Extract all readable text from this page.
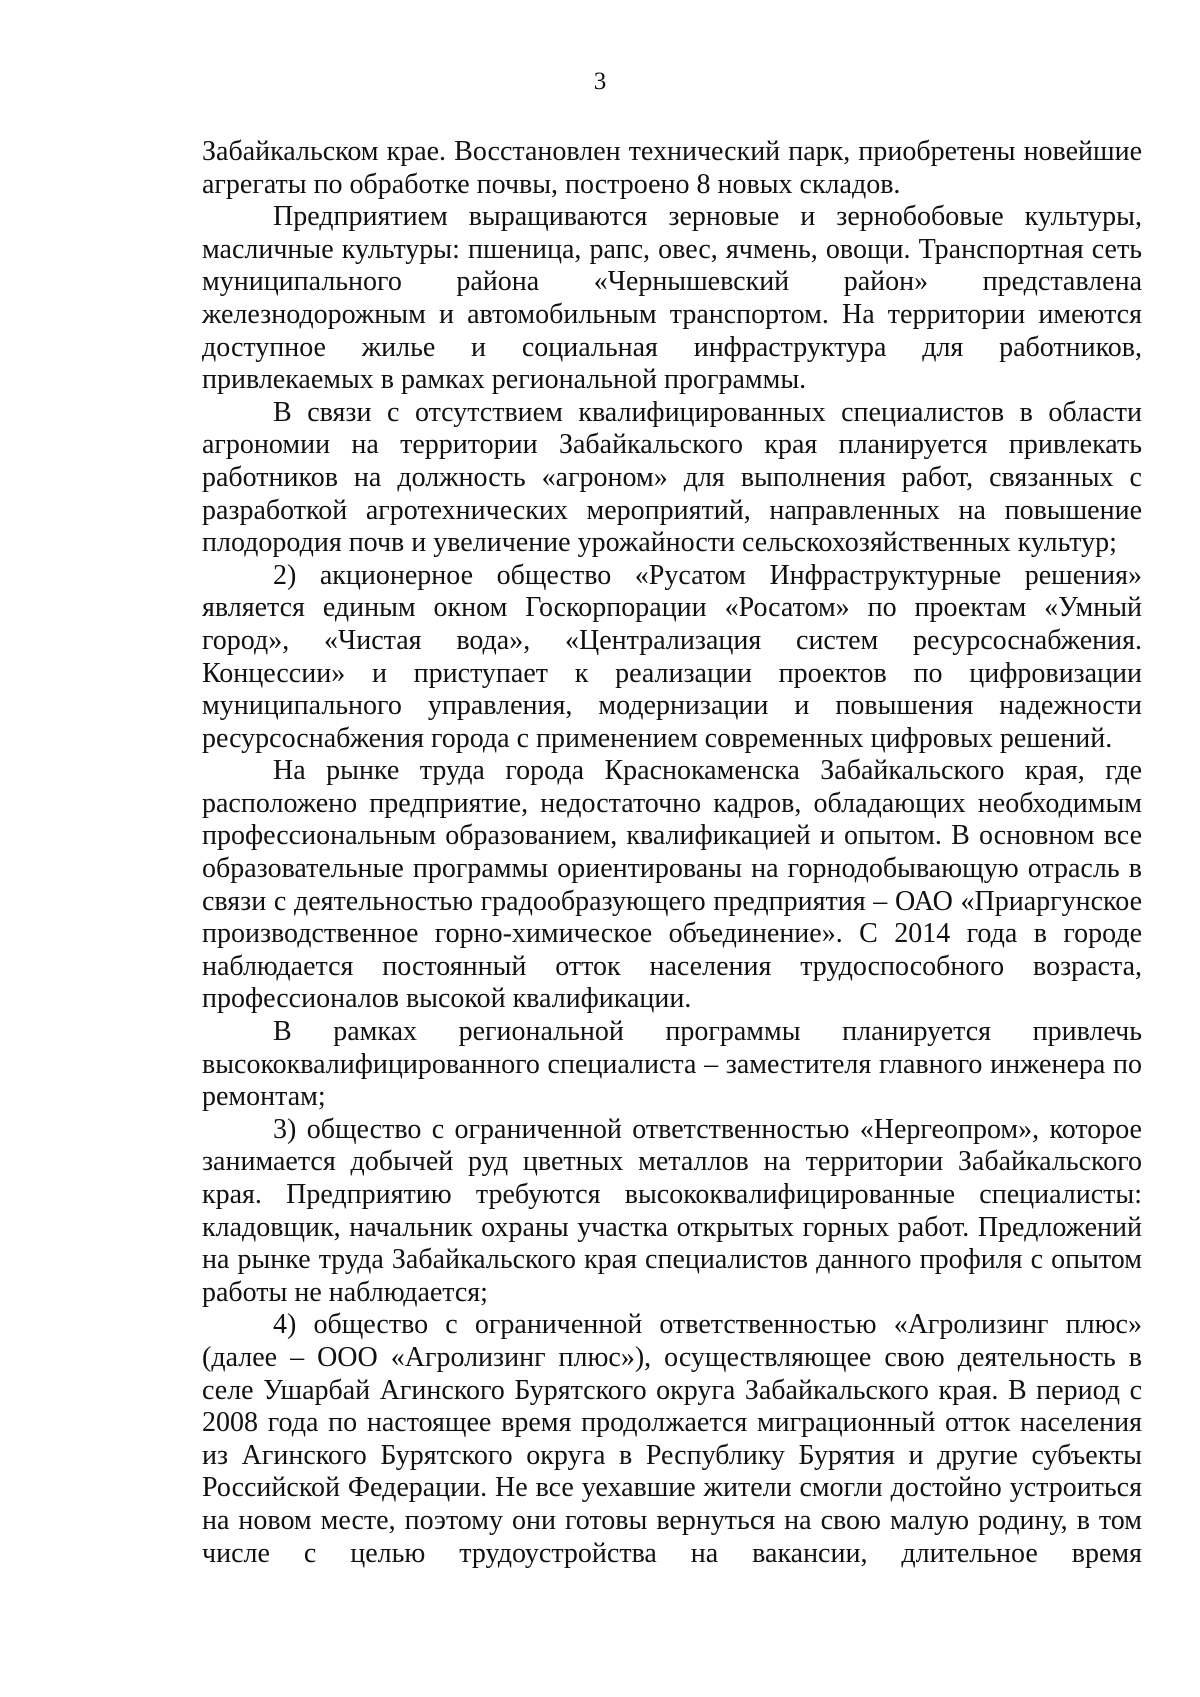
3

Забайкальском крае. Восстановлен технический парк, приобретены новейшие агрегаты по обработке почвы, построено 8 новых складов.

Предприятием выращиваются зерновые и зернобобовые культуры, масличные культуры: пшеница, рапс, овес, ячмень, овощи. Транспортная сеть муниципального района «Чернышевский район» представлена железнодорожным и автомобильным транспортом. На территории имеются доступное жилье и социальная инфраструктура для работников, привлекаемых в рамках региональной программы.

В связи с отсутствием квалифицированных специалистов в области агрономии на территории Забайкальского края планируется привлекать работников на должность «агроном» для выполнения работ, связанных с разработкой агротехнических мероприятий, направленных на повышение плодородия почв и увеличение урожайности сельскохозяйственных культур;

2) акционерное общество «Русатом Инфраструктурные решения» является единым окном Госкорпорации «Росатом» по проектам «Умный город», «Чистая вода», «Централизация систем ресурсоснабжения. Концессии» и приступает к реализации проектов по цифровизации муниципального управления, модернизации и повышения надежности ресурсоснабжения города с применением современных цифровых решений.

На рынке труда города Краснокаменска Забайкальского края, где расположено предприятие, недостаточно кадров, обладающих необходимым профессиональным образованием, квалификацией и опытом. В основном все образовательные программы ориентированы на горнодобывающую отрасль в связи с деятельностью градообразующего предприятия – ОАО «Приаргунское производственное горно-химическое объединение». С 2014 года в городе наблюдается постоянный отток населения трудоспособного возраста, профессионалов высокой квалификации.

В рамках региональной программы планируется привлечь высококвалифицированного специалиста – заместителя главного инженера по ремонтам;

3) общество с ограниченной ответственностью «Нергеопром», которое занимается добычей руд цветных металлов на территории Забайкальского края. Предприятию требуются высококвалифицированные специалисты: кладовщик, начальник охраны участка открытых горных работ. Предложений на рынке труда Забайкальского края специалистов данного профиля с опытом работы не наблюдается;

4) общество с ограниченной ответственностью «Агролизинг плюс» (далее – ООО «Агролизинг плюс»), осуществляющее свою деятельность в селе Ушарбай Агинского Бурятского округа Забайкальского края. В период с 2008 года по настоящее время продолжается миграционный отток населения из Агинского Бурятского округа в Республику Бурятия и другие субъекты Российской Федерации. Не все уехавшие жители смогли достойно устроиться на новом месте, поэтому они готовы вернуться на свою малую родину, в том числе с целью трудоустройства на вакансии, длительное время
